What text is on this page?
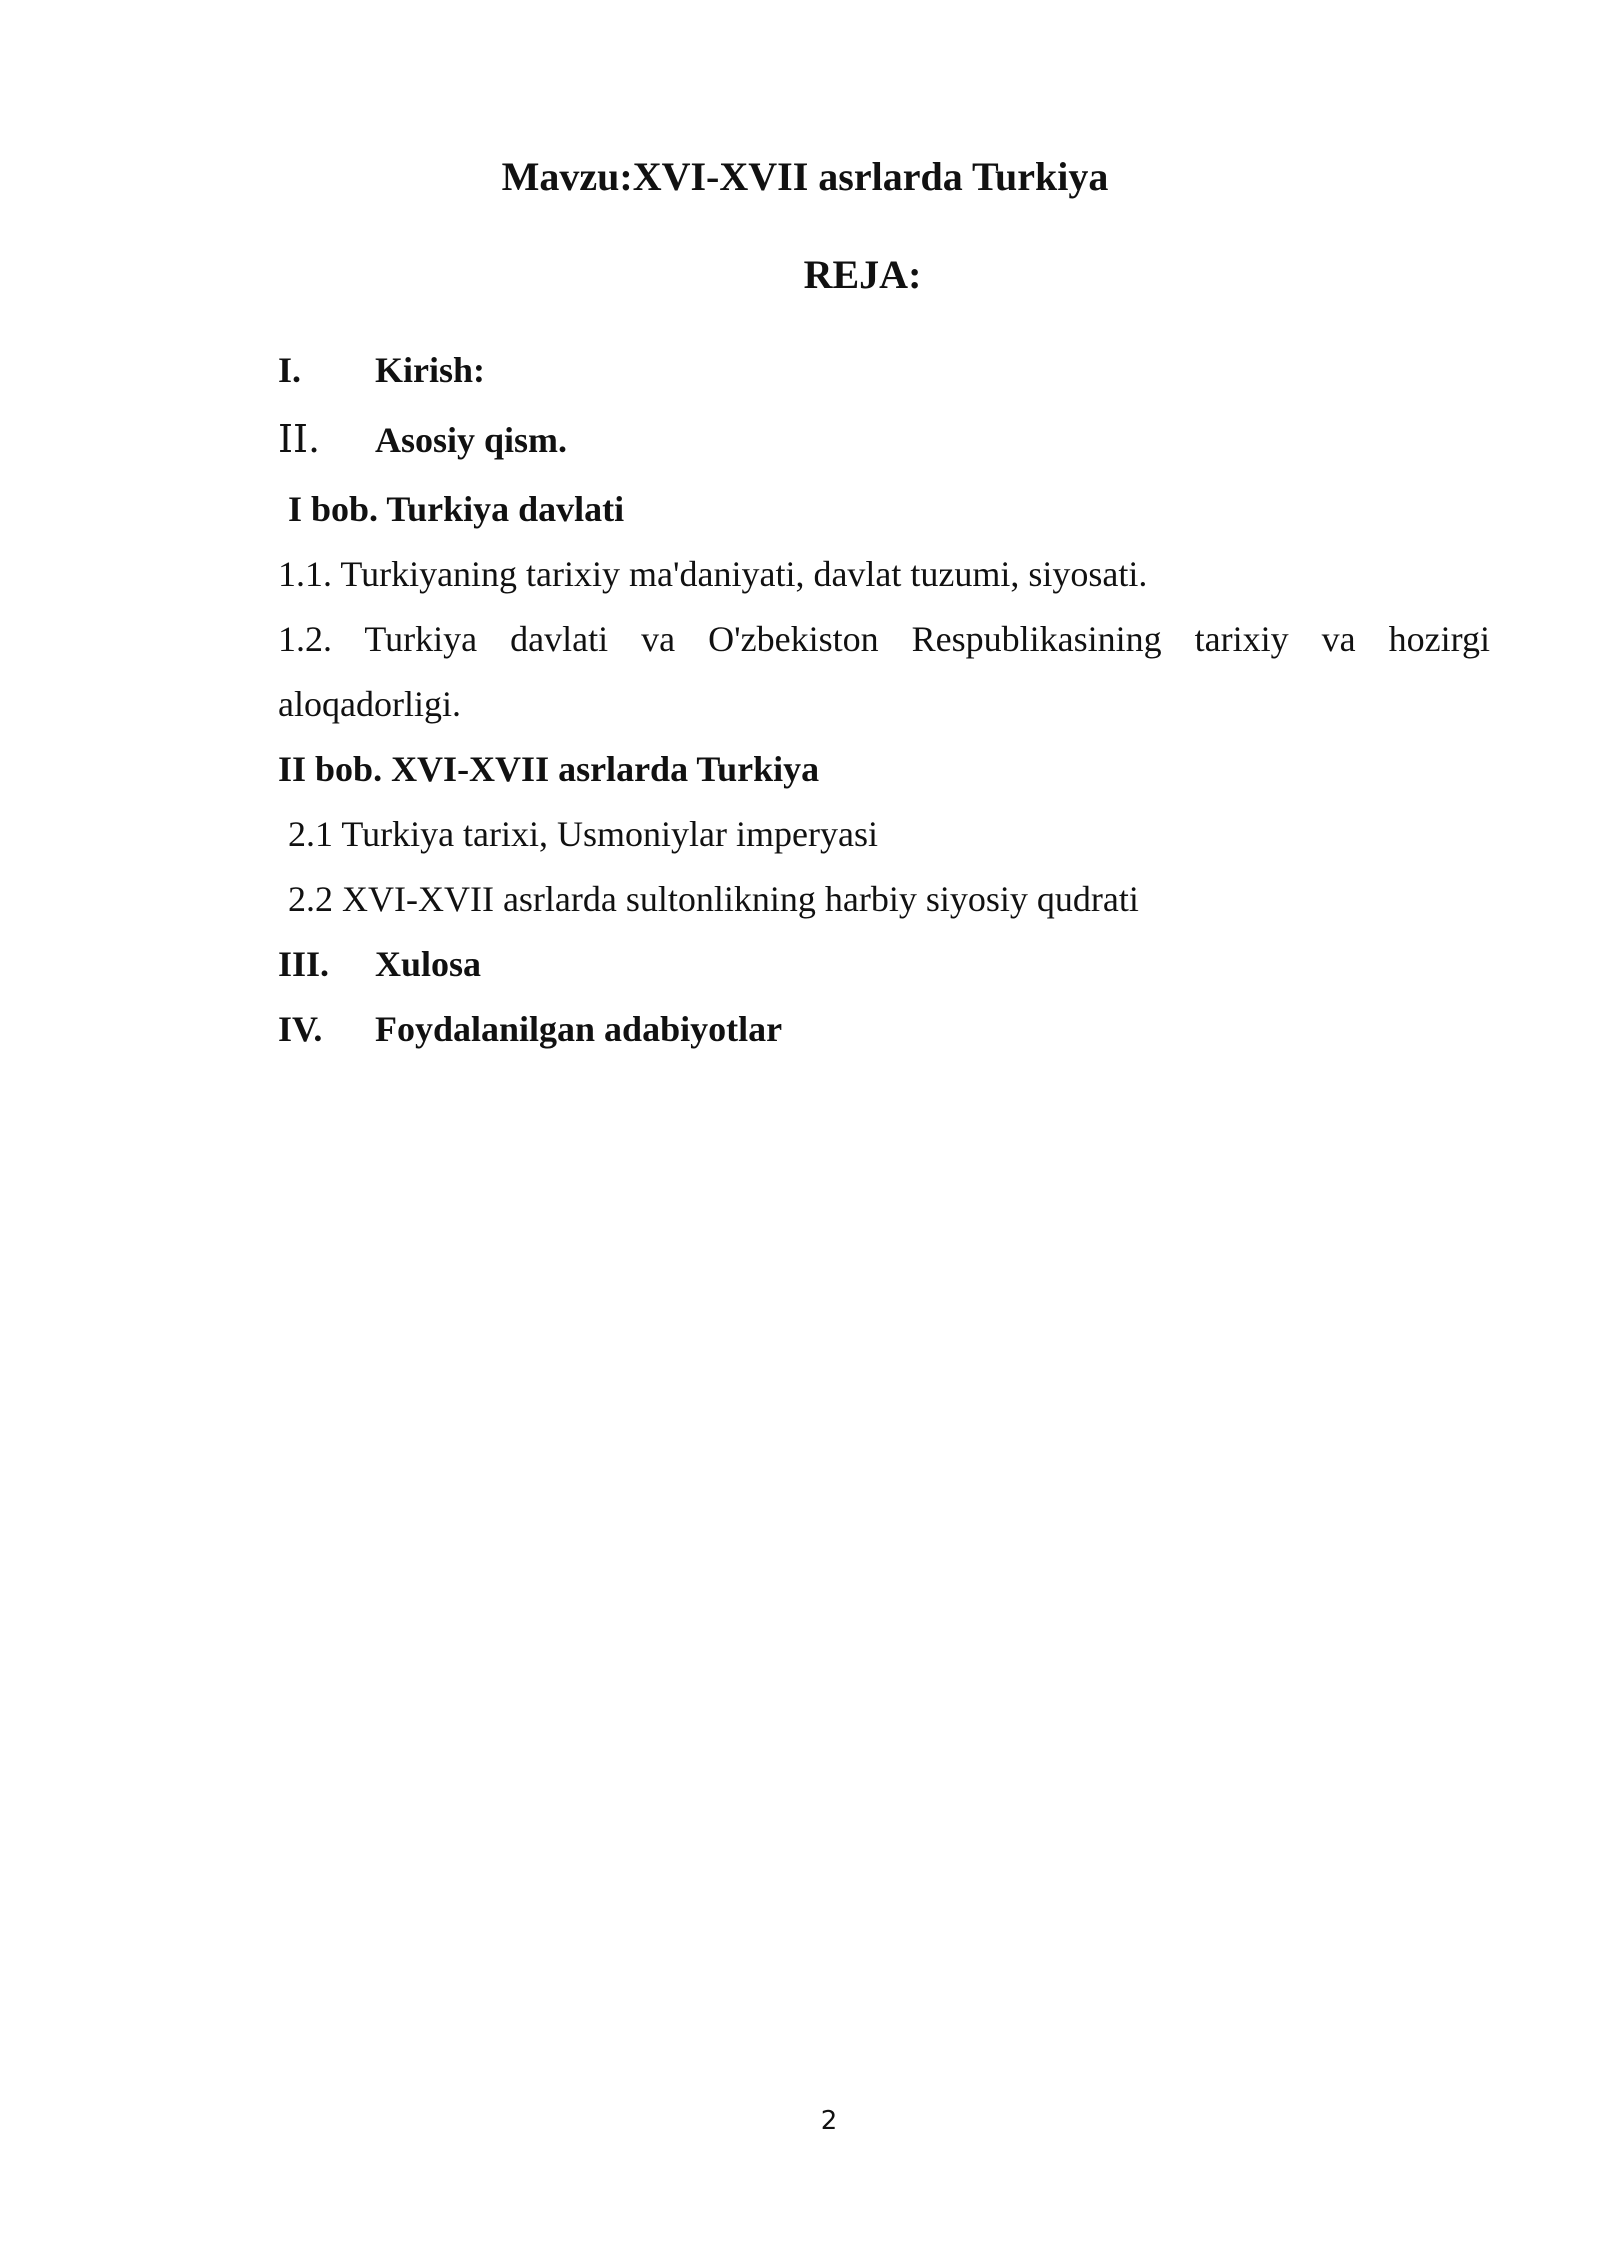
Mavzu:XVI-XVII asrlarda Turkiya
REJA:
I. Kirish:
II. Asosiy qism.
I bob. Turkiya davlati
1.1. Turkiyaning tarixiy ma'daniyati, davlat tuzumi, siyosati.
1.2. Turkiya davlati va O'zbekiston Respublikasining tarixiy va hozirgi
aloqadorligi.
II bob. XVI-XVII asrlarda Turkiya
2.1 Turkiya tarixi, Usmoniylar imperyasi
2.2 XVI-XVII asrlarda sultonlikning harbiy siyosiy qudrati
III. Xulosa
IV. Foydalanilgan adabiyotlar
2
